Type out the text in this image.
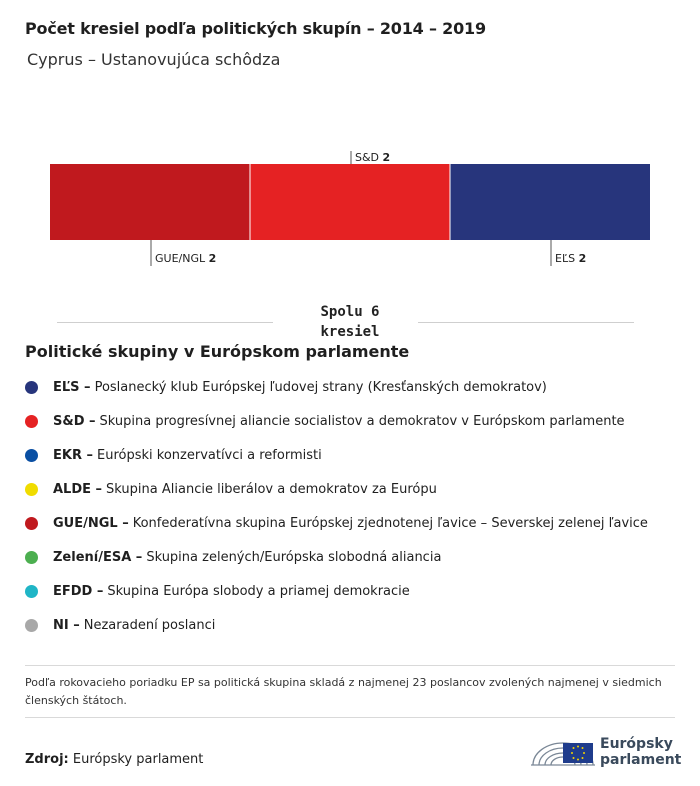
Počet kresiel podľa politických skupín – 2014 – 2019
Cyprus – Ustanovujúca schôdza
GUE/NGL 2
S&D 2
EĽS 2
Spolu 6
kresiel
Politické skupiny v Európskom parlamente
EĽS – Poslanecký klub Európskej ľudovej strany (Kresťanských demokratov)
S&D – Skupina progresívnej aliancie socialistov a demokratov v Európskom parlamente
EKR – Európski konzervatívci a reformisti
ALDE – Skupina Aliancie liberálov a demokratov za Európu
GUE/NGL – Konfederatívna skupina Európskej zjednotenej ľavice – Severskej zelenej ľavice
Zelení/ESA – Skupina zelených/Európska slobodná aliancia
EFDD – Skupina Európa slobody a priamej demokracie
NI – Nezaradení poslanci
Podľa rokovacieho poriadku EP sa politická skupina skladá z najmenej 23 poslancov zvolených najmenej v siedmich členských štátoch.
Zdroj: Európsky parlament
Európsky
parlament
